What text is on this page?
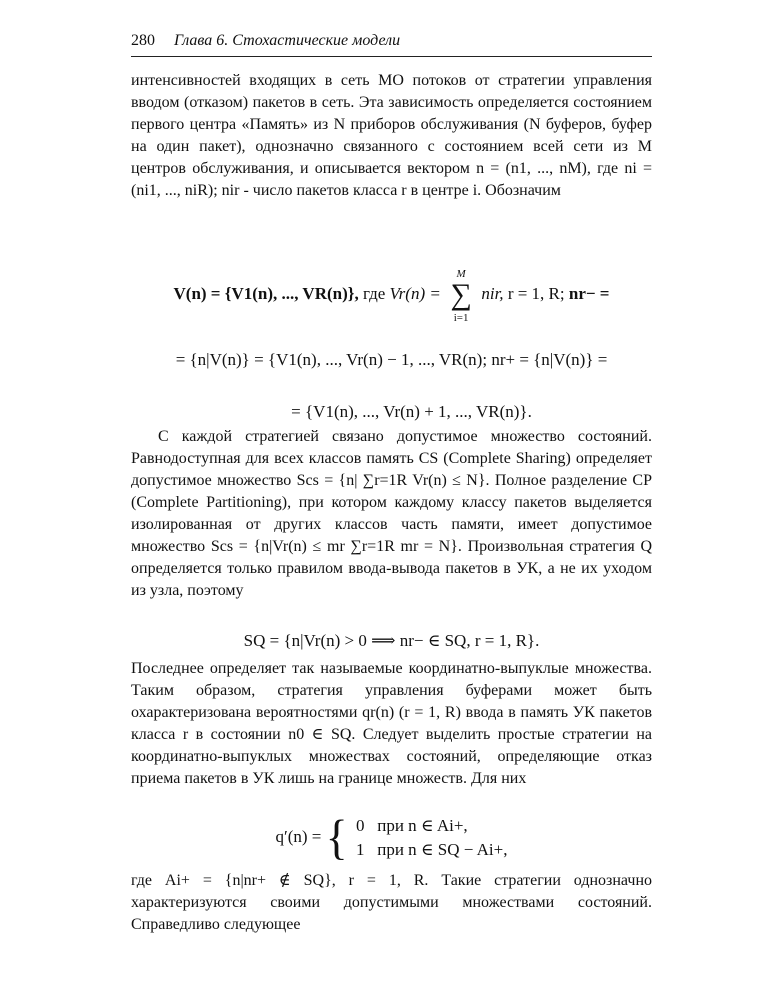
280 Глава 6. Стохастические модели
интенсивностей входящих в сеть МО потоков от стратегии управления вводом (отказом) пакетов в сеть. Эта зависимость определяется состоянием первого центра «Память» из N приборов обслуживания (N буферов, буфер на один пакет), однозначно связанного с состоянием всей сети из M центров обслуживания, и описывается вектором n = (n1, ..., nM), где ni = (ni1, ..., niR); nir - число пакетов класса r в центре i. Обозначим
V(n) = {V1(n), ..., VR(n)}, где Vr(n) =
M
∑
i=1
nir, r = 1, R; nr− =
= {n|V(n)} = {V1(n), ..., Vr(n) − 1, ..., VR(n); nr+ = {n|V(n)} =
= {V1(n), ..., Vr(n) + 1, ..., VR(n)}.
С каждой стратегией связано допустимое множество состояний. Равнодоступная для всех классов память CS (Complete Sharing) определяет допустимое множество Scs = {n| ∑r=1R Vr(n) ≤ N}. Полное разделение CP (Complete Partitioning), при котором каждому классу пакетов выделяется изолированная от других классов часть памяти, имеет допустимое множество Scs = {n|Vr(n) ≤ mr ∑r=1R mr = N}. Произвольная стратегия Q определяется только правилом ввода-вывода пакетов в УК, а не их уходом из узла, поэтому
SQ = {n|Vr(n) > 0 ⟹ nr− ∈ SQ, r = 1, R}.
Последнее определяет так называемые координатно-выпуклые множества. Таким образом, стратегия управления буферами может быть охарактеризована вероятностями qr(n) (r = 1, R) ввода в память УК пакетов класса r в состоянии n0 ∈ SQ. Следует выделить простые стратегии на координатно-выпуклых множествах состояний, определяющие отказ приема пакетов в УК лишь на границе множеств. Для них
q′(n) = { 0 при n ∈ Ai+,
1 при n ∈ SQ − Ai+,
где Ai+ = {n|nr+ ∉ SQ}, r = 1, R. Такие стратегии однозначно характеризуются своими допустимыми множествами состояний. Справедливо следующее
